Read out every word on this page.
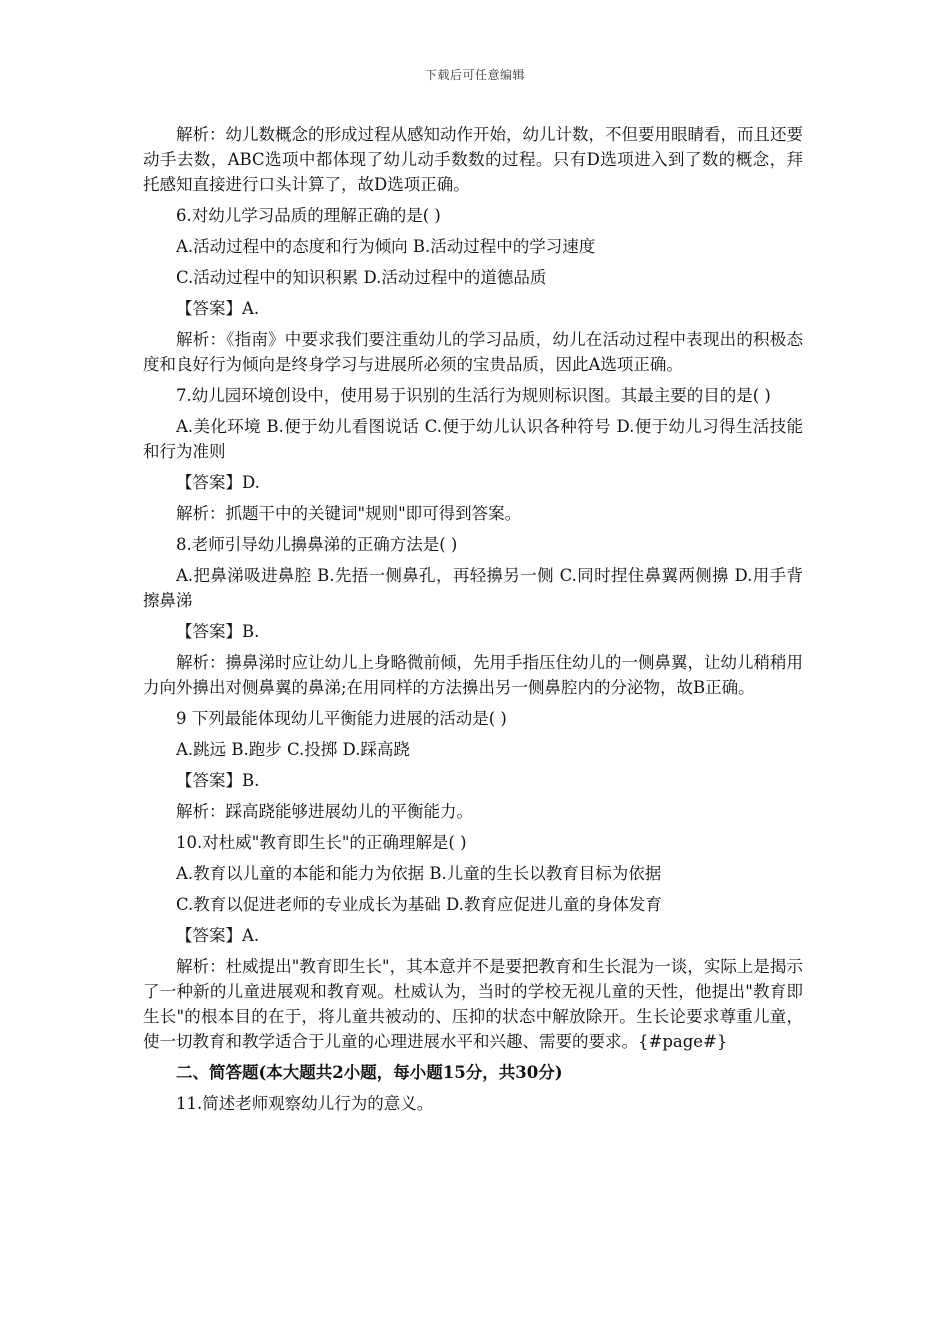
下载后可任意编辑

解析：幼儿数概念的形成过程从感知动作开始，幼儿计数，不但要用眼睛看，而且还要动手去数，ABC选项中都体现了幼儿动手数数的过程。只有D选项进入到了数的概念，拜托感知直接进行口头计算了，故D选项正确。

6.对幼儿学习品质的理解正确的是( )

A.活动过程中的态度和行为倾向 B.活动过程中的学习速度

C.活动过程中的知识积累 D.活动过程中的道德品质

【答案】A.

解析：《指南》中要求我们要注重幼儿的学习品质，幼儿在活动过程中表现出的积极态度和良好行为倾向是终身学习与进展所必须的宝贵品质，因此A选项正确。

7.幼儿园环境创设中，使用易于识别的生活行为规则标识图。其最主要的目的是( )

A.美化环境 B.便于幼儿看图说话 C.便于幼儿认识各种符号 D.便于幼儿习得生活技能和行为准则

【答案】D.

解析：抓题干中的关键词"规则"即可得到答案。

8.老师引导幼儿擤鼻涕的正确方法是( )

A.把鼻涕吸进鼻腔 B.先捂一侧鼻孔，再轻擤另一侧 C.同时捏住鼻翼两侧擤 D.用手背擦鼻涕

【答案】B.

解析：擤鼻涕时应让幼儿上身略微前倾，先用手指压住幼儿的一侧鼻翼，让幼儿稍稍用力向外擤出对侧鼻翼的鼻涕;在用同样的方法擤出另一侧鼻腔内的分泌物，故B正确。

9 下列最能体现幼儿平衡能力进展的活动是( )

A.跳远 B.跑步 C.投掷 D.踩高跷

【答案】B.

解析：踩高跷能够进展幼儿的平衡能力。

10.对杜威"教育即生长"的正确理解是( )

A.教育以儿童的本能和能力为依据 B.儿童的生长以教育目标为依据

C.教育以促进老师的专业成长为基础 D.教育应促进儿童的身体发育

【答案】A.

解析：杜威提出"教育即生长"，其本意并不是要把教育和生长混为一谈，实际上是揭示了一种新的儿童进展观和教育观。杜威认为，当时的学校无视儿童的天性，他提出"教育即生长"的根本目的在于，将儿童共被动的、压抑的状态中解放除开。生长论要求尊重儿童，使一切教育和教学适合于儿童的心理进展水平和兴趣、需要的要求。{#page#}

二、简答题(本大题共2小题，每小题15分，共30分)

11.简述老师观察幼儿行为的意义。
